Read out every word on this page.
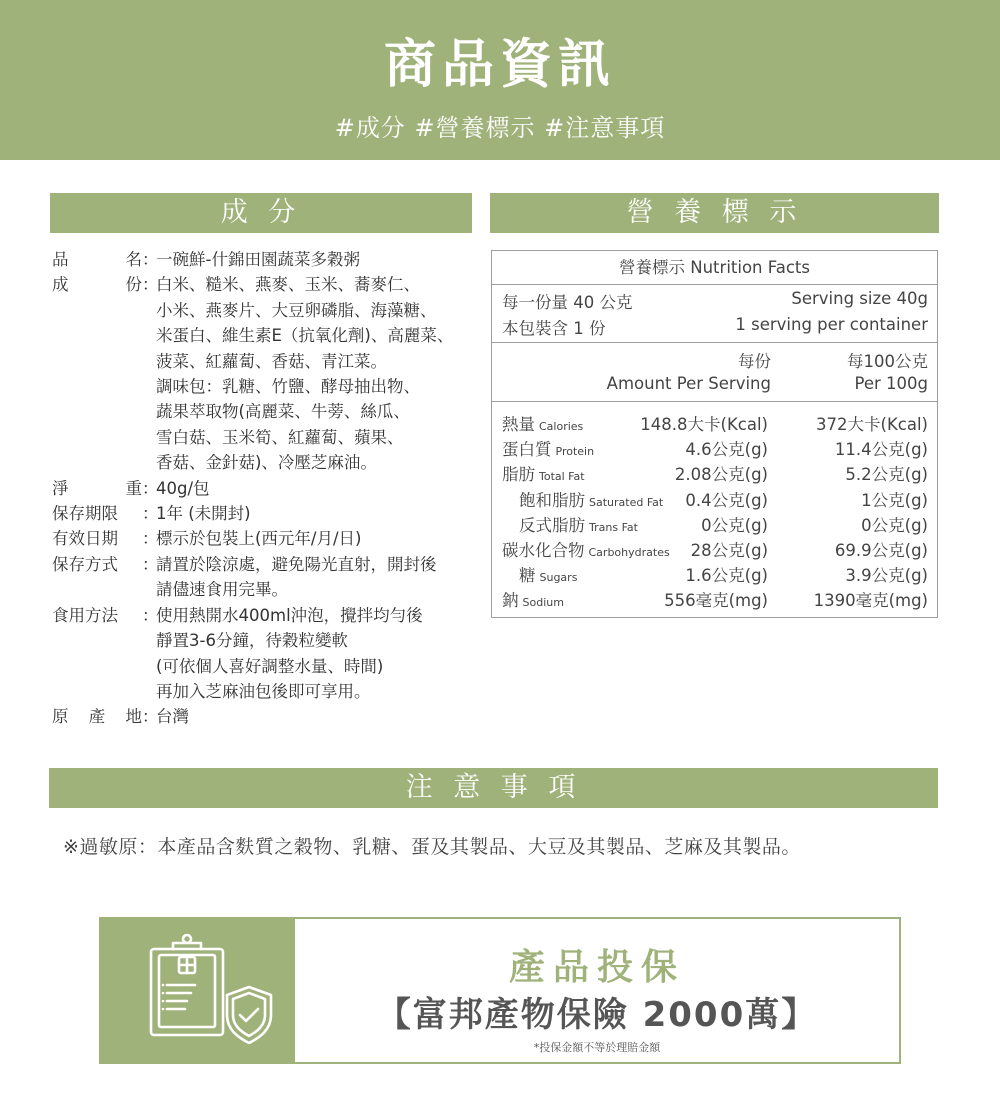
商品資訊
#成分 #營養標示 #注意事項
成 分	營 養 標 示
品	名 ：
一碗鮮-什錦田園蔬菜多穀粥
成	份 ：
白米、糙米、燕麥、玉米、蕎麥仁、
小米、燕麥片、大豆卵磷脂、海藻糖、
米蛋白、維生素E（抗氧化劑)、高麗菜、
菠菜、紅蘿蔔、香菇、青江菜。
調味包：乳糖、竹鹽、酵母抽出物、
蔬果萃取物(高麗菜、牛蒡、絲瓜、
雪白菇、玉米筍、紅蘿蔔、蘋果、
香菇、金針菇)、冷壓芝麻油。
淨	重 ：
40g/包
保存期限 ：
1年 (未開封)
有效日期 ：
標示於包裝上(西元年/月/日)
保存方式 ：
請置於陰涼處，避免陽光直射，開封後
請儘速食用完畢。
食用方法 ：
使用熱開水400ml沖泡，攪拌均勻後
靜置3-6分鐘，待穀粒變軟
(可依個人喜好調整水量、時間)
再加入芝麻油包後即可享用。
原 產 地 ：
台灣
營養標示 Nutrition Facts
每一份量 40 公克	Serving size 40g
本包裝含 1 份	1 serving per container
每份
Amount Per Serving
每100公克
Per 100g
熱量 Calories	148.8大卡(Kcal)	372大卡(Kcal)
蛋白質 Protein	4.6公克(g)	11.4公克(g)
脂肪 Total Fat	2.08公克(g)	5.2公克(g)
飽和脂肪 Saturated Fat 0.4公克(g)	1公克(g)
反式脂肪 Trans Fat	0公克(g)	0公克(g)
碳水化合物 Carbohydrates 28公克(g)	69.9公克(g)
糖 Sugars	1.6公克(g)	3.9公克(g)
鈉 Sodium	556毫克(mg)	1390毫克(mg)
注 意 事 項
※過敏原：本產品含麩質之穀物、乳糖、蛋及其製品、大豆及其製品、芝麻及其製品。
產品投保
【富邦產物保險 2000萬】
*投保金額不等於理賠金額
